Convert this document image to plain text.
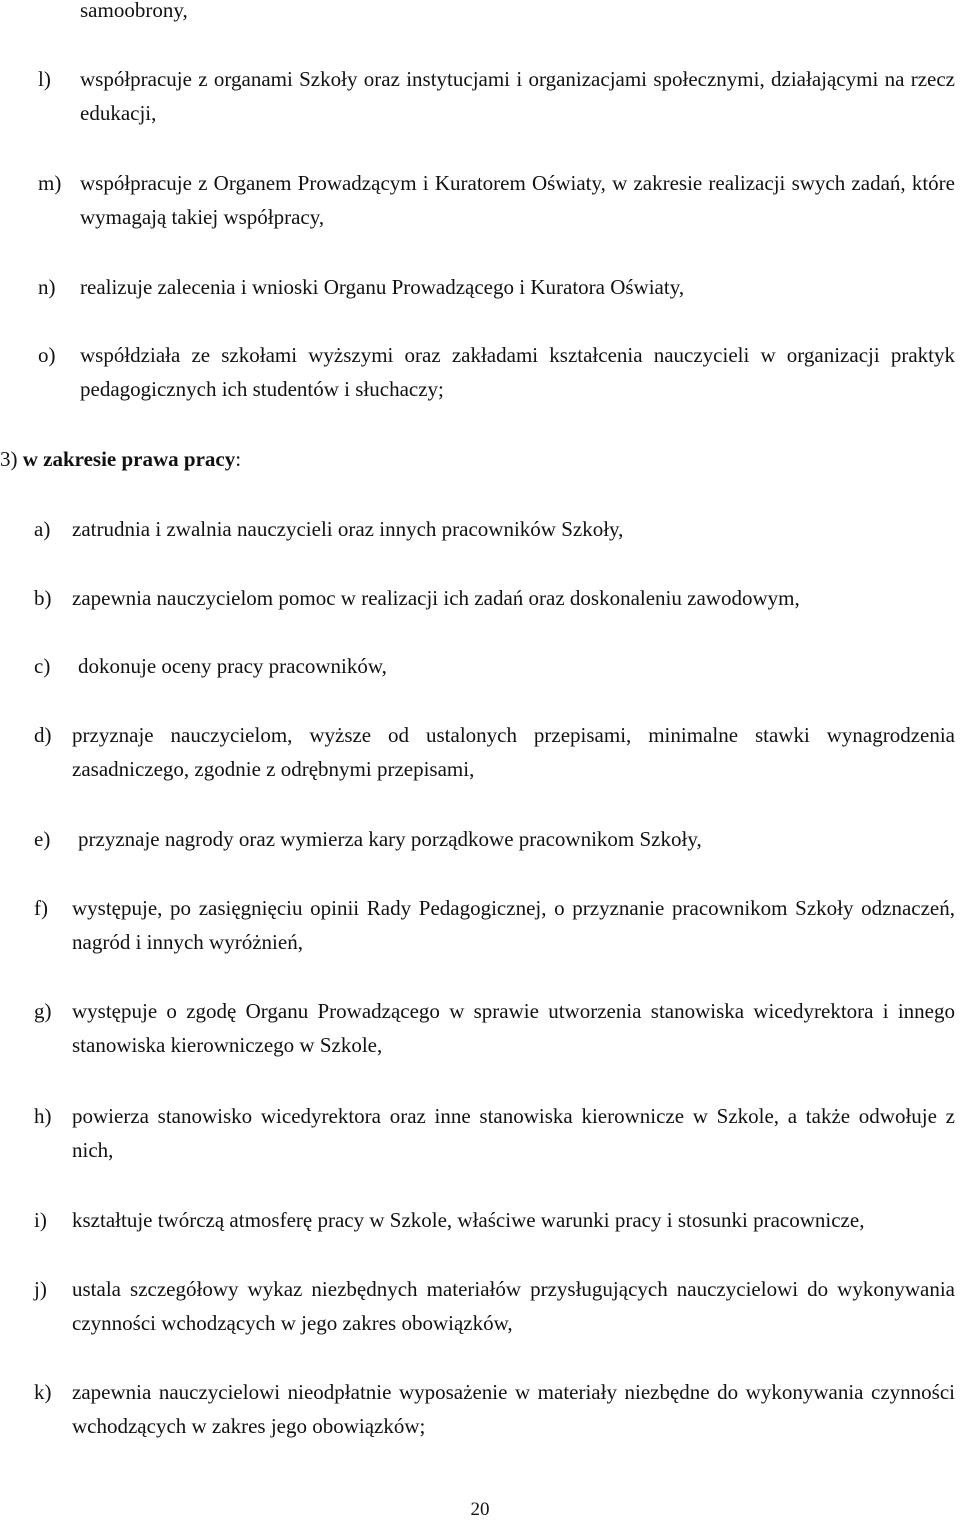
samoobrony,
l) współpracuje z organami Szkoły oraz instytucjami i organizacjami społecznymi, działającymi na rzecz edukacji,
m) współpracuje z Organem Prowadzącym i Kuratorem Oświaty, w zakresie realizacji swych zadań, które wymagają takiej współpracy,
n) realizuje zalecenia i wnioski Organu Prowadzącego i Kuratora Oświaty,
o) współdziała ze szkołami wyższymi oraz zakładami kształcenia nauczycieli w organizacji praktyk pedagogicznych ich studentów i słuchaczy;
3) w zakresie prawa pracy:
a) zatrudnia i zwalnia nauczycieli oraz innych pracowników Szkoły,
b) zapewnia nauczycielom pomoc w realizacji ich zadań oraz doskonaleniu zawodowym,
c) dokonuje oceny pracy pracowników,
d) przyznaje nauczycielom, wyższe od ustalonych przepisami, minimalne stawki wynagrodzenia zasadniczego, zgodnie z odrębnymi przepisami,
e) przyznaje nagrody oraz wymierza kary porządkowe pracownikom Szkoły,
f) występuje, po zasięgnięciu opinii Rady Pedagogicznej, o przyznanie pracownikom Szkoły odznaczeń, nagród i innych wyróżnień,
g) występuje o zgodę Organu Prowadzącego w sprawie utworzenia stanowiska wicedyrektora i innego stanowiska kierowniczego w Szkole,
h) powierza stanowisko wicedyrektora oraz inne stanowiska kierownicze w Szkole, a także odwołuje z nich,
i) kształtuje twórczą atmosferę pracy w Szkole, właściwe warunki pracy i stosunki pracownicze,
j) ustala szczegółowy wykaz niezbędnych materiałów przysługujących nauczycielowi do wykonywania czynności wchodzących w jego zakres obowiązków,
k) zapewnia nauczycielowi nieodpłatnie wyposażenie w materiały niezbędne do wykonywania czynności wchodzących w zakres jego obowiązków;
20
